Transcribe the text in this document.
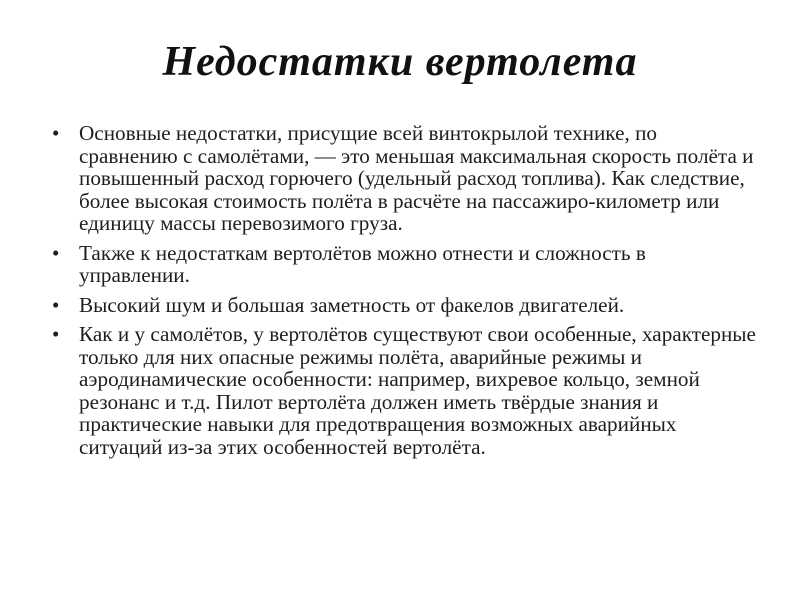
Недостатки вертолета
• Основные недостатки, присущие всей винтокрылой технике, по сравнению с самолётами, — это меньшая максимальная скорость полёта и повышенный расход горючего (удельный расход топлива). Как следствие, более высокая стоимость полёта в расчёте на пассажиро-километр или единицу массы перевозимого груза.
• Также к недостаткам вертолётов можно отнести и сложность в управлении.
• Высокий шум и большая заметность от факелов двигателей.
• Как и у самолётов, у вертолётов существуют свои особенные, характерные только для них опасные режимы полёта, аварийные режимы и аэродинамические особенности: например, вихревое кольцо, земной резонанс и т.д. Пилот вертолёта должен иметь твёрдые знания и практические навыки для предотвращения возможных аварийных ситуаций из-за этих особенностей вертолёта.
